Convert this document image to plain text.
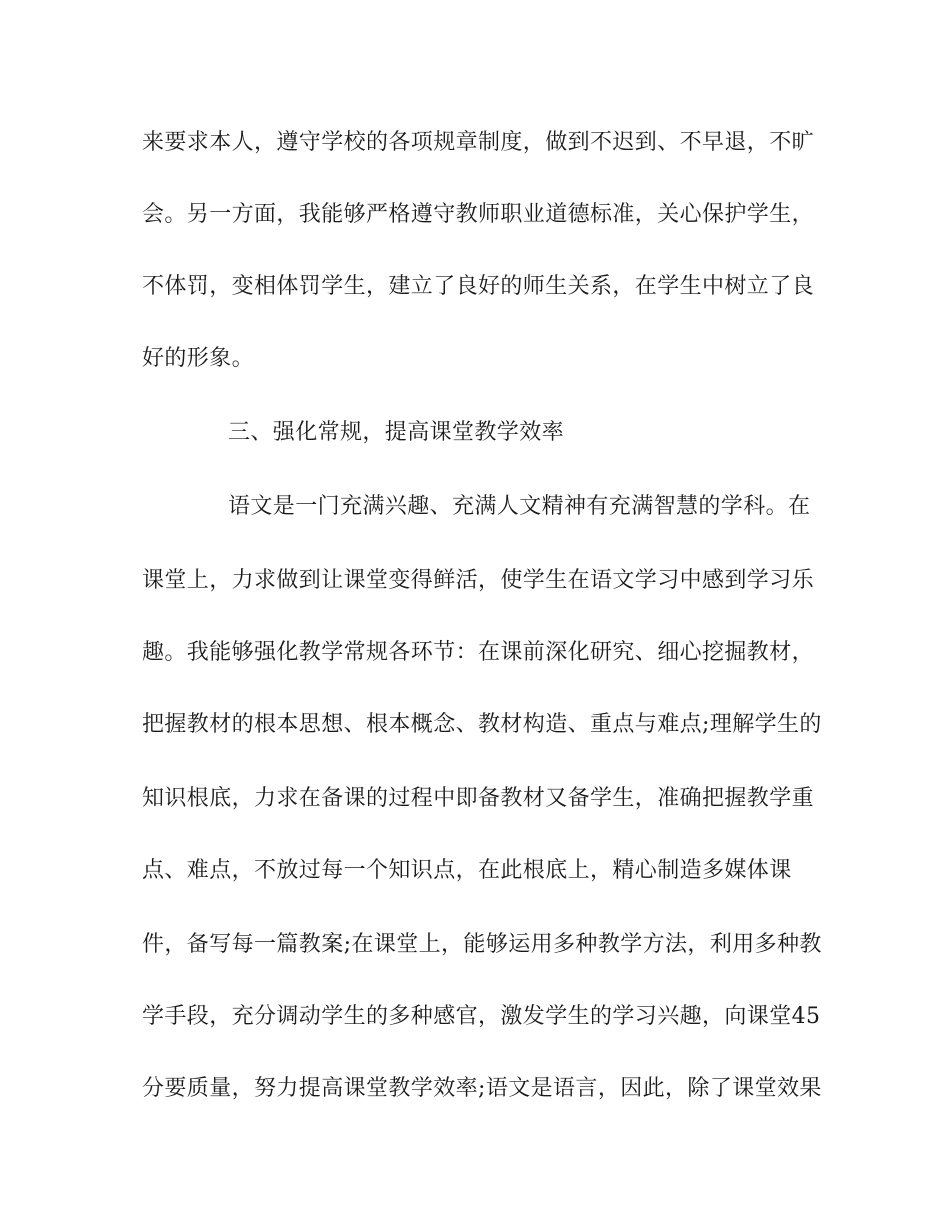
来要求本人，遵守学校的各项规章制度，做到不迟到、不早退，不旷
会。另一方面，我能够严格遵守教师职业道德标准，关心保护学生，
不体罚，变相体罚学生，建立了良好的师生关系，在学生中树立了良
好的形象。
三、强化常规，提高课堂教学效率
语文是一门充满兴趣、充满人文精神有充满智慧的学科。在
课堂上，力求做到让课堂变得鲜活，使学生在语文学习中感到学习乐
趣。我能够强化教学常规各环节：在课前深化研究、细心挖掘教材，
把握教材的根本思想、根本概念、教材构造、重点与难点;理解学生的
知识根底，力求在备课的过程中即备教材又备学生，准确把握教学重
点、难点，不放过每一个知识点，在此根底上，精心制造多媒体课
件，备写每一篇教案;在课堂上，能够运用多种教学方法，利用多种教
学手段，充分调动学生的多种感官，激发学生的学习兴趣，向课堂45
分要质量，努力提高课堂教学效率;语文是语言，因此，除了课堂效果
